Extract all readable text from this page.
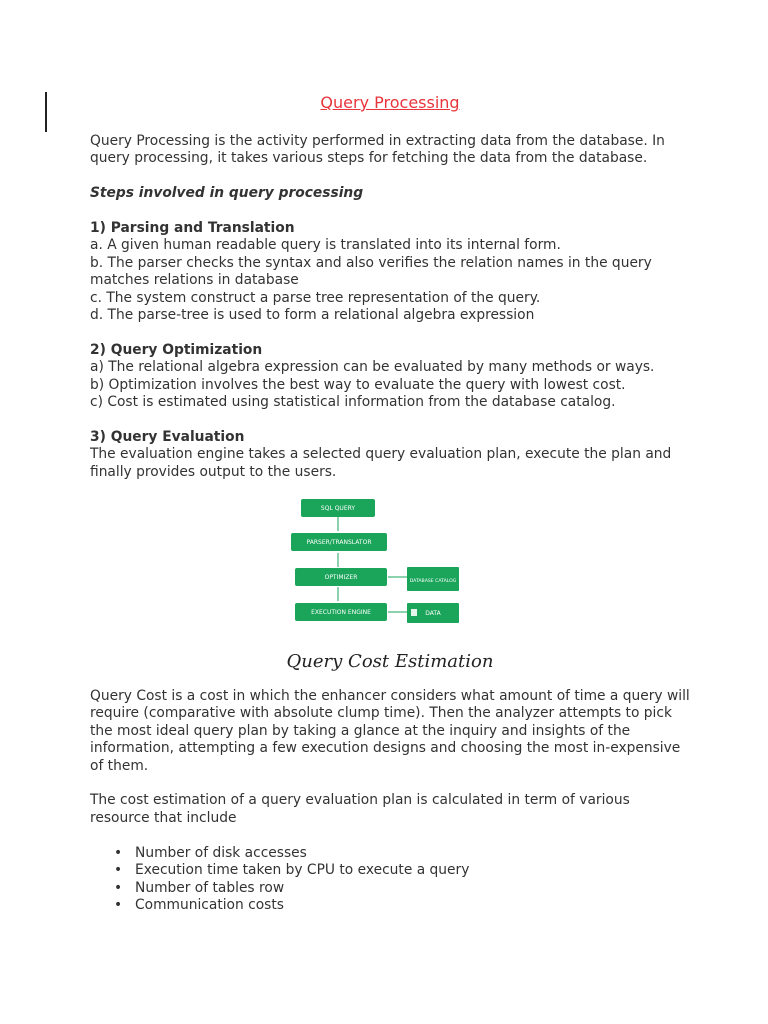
Query Processing

Query Processing is the activity performed in extracting data from the database. In query processing, it takes various steps for fetching the data from the database.

Steps involved in query processing

1) Parsing and Translation

a. A given human readable query is translated into its internal form.

b. The parser checks the syntax and also verifies the relation names in the query matches relations in database

c. The system construct a parse tree representation of the query.

d. The parse-tree is used to form a relational algebra expression

2) Query Optimization

a) The relational algebra expression can be evaluated by many methods or ways.

b) Optimization involves the best way to evaluate the query with lowest cost.

c) Cost is estimated using statistical information from the database catalog.

3) Query Evaluation

The evaluation engine takes a selected query evaluation plan, execute the plan and finally provides output to the users.

SQL QUERY
PARSER/TRANSLATOR
OPTIMIZER
EXECUTION ENGINE
DATABASE CATALOG
DATA
Query Cost Estimation

Query Cost is a cost in which the enhancer considers what amount of time a query will require (comparative with absolute clump time). Then the analyzer attempts to pick the most ideal query plan by taking a glance at the inquiry and insights of the information, attempting a few execution designs and choosing the most in-expensive of them.

The cost estimation of a query evaluation plan is calculated in term of various resource that include

• Number of disk accesses
• Execution time taken by CPU to execute a query
• Number of tables row
• Communication costs
